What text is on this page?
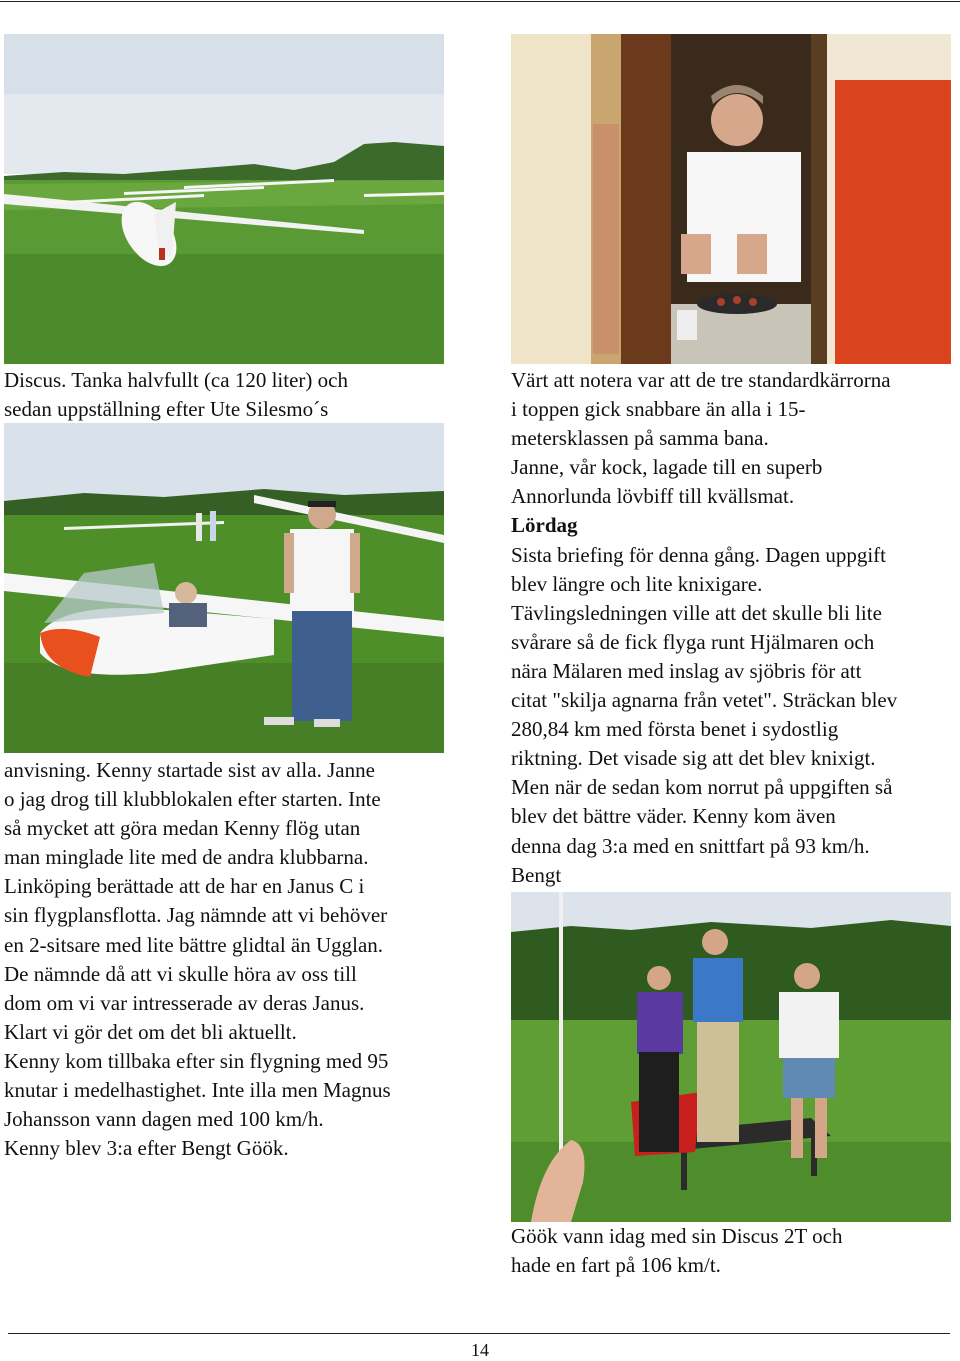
Discus. Tanka halvfullt (ca 120 liter) och

sedan uppställning efter Ute Silesmo´s

anvisning. Kenny startade sist av alla. Janne

o jag drog till klubblokalen efter starten. Inte

så mycket att göra medan Kenny flög utan

man minglade lite med de andra klubbarna.

Linköping berättade att de har en Janus C i

sin flygplansflotta. Jag nämnde att vi behöver

en 2-sitsare med lite bättre glidtal än Ugglan.

De nämnde då att vi skulle höra av oss till

dom om vi var intresserade av deras Janus.

Klart vi gör det om det bli aktuellt.

Kenny kom tillbaka efter sin flygning med 95

knutar i medelhastighet. Inte illa men Magnus

Johansson vann dagen med 100 km/h.

Kenny blev 3:a efter Bengt Göök.

Värt att notera var att de tre standardkärrorna

i toppen gick snabbare än alla i 15-

metersklassen på samma bana.

Janne, vår kock, lagade till en superb

Annorlunda lövbiff till kvällsmat.

Lördag

Sista briefing för denna gång. Dagen uppgift

blev längre och lite knixigare.

Tävlingsledningen ville att det skulle bli lite

svårare så de fick flyga runt Hjälmaren och

nära Mälaren med inslag av sjöbris för att

citat "skilja agnarna från vetet". Sträckan blev

280,84 km med första benet i sydostlig

riktning. Det visade sig att det blev knixigt.

Men när de sedan kom norrut på uppgiften så

blev det bättre väder. Kenny kom även

denna dag 3:a med en snittfart på 93 km/h.

Bengt

Göök vann idag med sin Discus 2T och

hade en fart på 106 km/t.

14
